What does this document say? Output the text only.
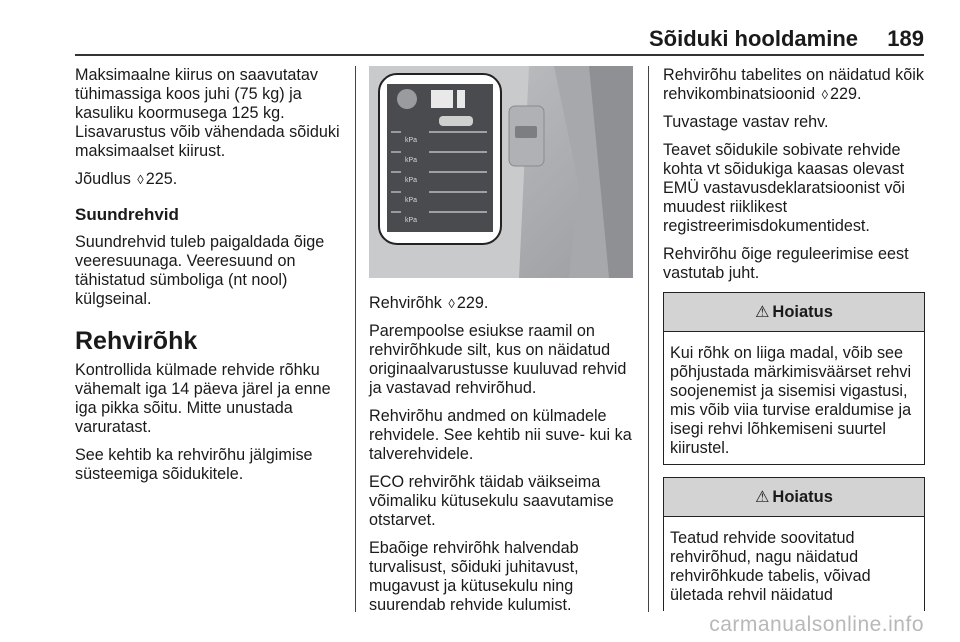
Sõiduki hooldamine 189

Maksimaalne kiirus on saavutatav tühimassiga koos juhi (75 kg) ja kasuliku koormusega 125 kg. Lisavarustus võib vähendada sõiduki maksimaalset kiirust.

Jõudlus ◊ 225.

Suundrehvid

Suundrehvid tuleb paigaldada õige veeresuunaga. Veeresuund on tähistatud sümboliga (nt nool) külgseinal.

Rehvirõhk

Kontrollida külmade rehvide rõhku vähemalt iga 14 päeva järel ja enne iga pikka sõitu. Mitte unustada varuratast.

See kehtib ka rehvirõhu jälgimise süsteemiga sõidukitele.

kPa
kPa
kPa
kPa
kPa

Rehvirõhk ◊ 229.

Parempoolse esiukse raamil on rehvirõhkude silt, kus on näidatud originaalvarustusse kuuluvad rehvid ja vastavad rehvirõhud.

Rehvirõhu andmed on külmadele rehvidele. See kehtib nii suve- kui ka talverehvidele.

ECO rehvirõhk täidab väikseima võimaliku kütusekulu saavutamise otstarvet.

Ebaõige rehvirõhk halvendab turvalisust, sõiduki juhitavust, mugavust ja kütusekulu ning suurendab rehvide kulumist.

Rehvirõhu tabelites on näidatud kõik rehvikombinatsioonid ◊ 229.

Tuvastage vastav rehv.

Teavet sõidukile sobivate rehvide kohta vt sõidukiga kaasas olevast EMÜ vastavusdeklaratsioonist või muudest riiklikest registreerimisdokumentidest.

Rehvirõhu õige reguleerimise eest vastutab juht.

⚠ Hoiatus
Kui rõhk on liiga madal, võib see põhjustada märkimisväärset rehvi soojenemist ja sisemisi vigastusi, mis võib viia turvise eraldumise ja isegi rehvi lõhkemiseni suurtel kiirustel.
⚠ Hoiatus
Teatud rehvide soovitatud rehvirõhud, nagu näidatud rehvirõhkude tabelis, võivad ületada rehvil näidatud
carmanualsonline.info
